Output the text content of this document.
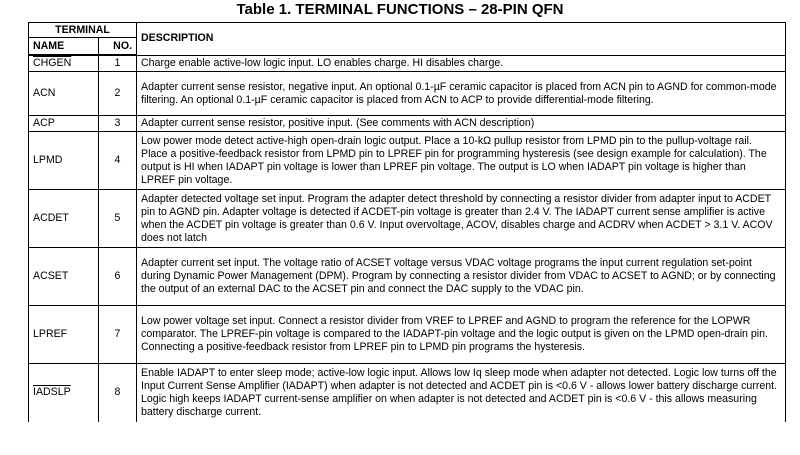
Table 1. TERMINAL FUNCTIONS – 28-PIN QFN
TERMINAL		DESCRIPTION
NAME	NO.	
CHGEN	1	Charge enable active-low logic input. LO enables charge. HI disables charge.
ACN	2	Adapter current sense resistor, negative input. An optional 0.1-µF ceramic capacitor is placed from ACN pin to AGND for common-mode filtering. An optional 0.1-µF ceramic capacitor is placed from ACN to ACP to provide differential-mode filtering.
ACP	3	Adapter current sense resistor, positive input. (See comments with ACN description)
LPMD	4	Low power mode detect active-high open-drain logic output. Place a 10-kΩ pullup resistor from LPMD pin to the pullup-voltage rail. Place a positive-feedback resistor from LPMD pin to LPREF pin for programming hysteresis (see design example for calculation). The output is HI when IADAPT pin voltage is lower than LPREF pin voltage. The output is LO when IADAPT pin voltage is higher than LPREF pin voltage.
ACDET	5	Adapter detected voltage set input. Program the adapter detect threshold by connecting a resistor divider from adapter input to ACDET pin to AGND pin. Adapter voltage is detected if ACDET-pin voltage is greater than 2.4 V. The IADAPT current sense amplifier is active when the ACDET pin voltage is greater than 0.6 V. Input overvoltage, ACOV, disables charge and ACDRV when ACDET > 3.1 V. ACOV does not latch
ACSET	6	Adapter current set input. The voltage ratio of ACSET voltage versus VDAC voltage programs the input current regulation set-point during Dynamic Power Management (DPM). Program by connecting a resistor divider from VDAC to ACSET to AGND; or by connecting the output of an external DAC to the ACSET pin and connect the DAC supply to the VDAC pin.
LPREF	7	Low power voltage set input. Connect a resistor divider from VREF to LPREF and AGND to program the reference for the LOPWR comparator. The LPREF-pin voltage is compared to the IADAPT-pin voltage and the logic output is given on the LPMD open-drain pin. Connecting a positive-feedback resistor from LPREF pin to LPMD pin programs the hysteresis.
IADSLP	8	Enable IADAPT to enter sleep mode; active-low logic input. Allows low Iq sleep mode when adapter not detected. Logic low turns off the Input Current Sense Amplifier (IADAPT) when adapter is not detected and ACDET pin is <0.6 V - allows lower battery discharge current. Logic high keeps IADAPT current-sense amplifier on when adapter is not detected and ACDET pin is <0.6 V - this allows measuring battery discharge current.
